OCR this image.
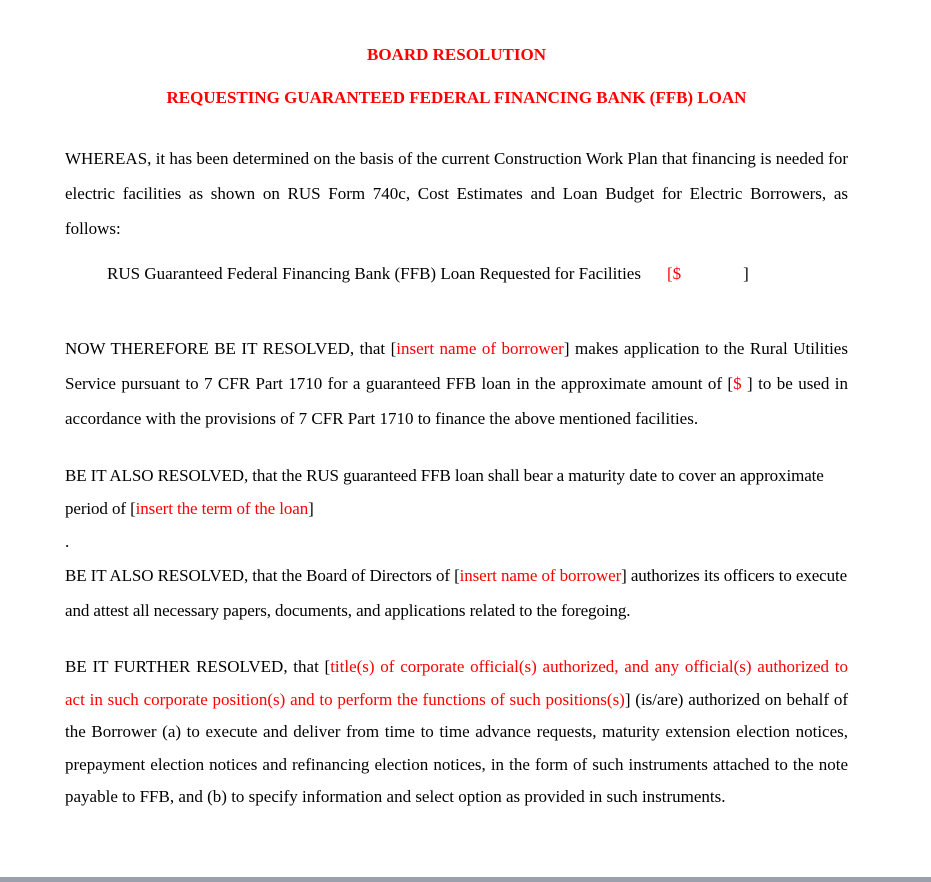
BOARD RESOLUTION
REQUESTING GUARANTEED FEDERAL FINANCING BANK (FFB) LOAN

WHEREAS, it has been determined on the basis of the current Construction Work Plan that financing is needed for electric facilities as shown on RUS Form 740c, Cost Estimates and Loan Budget for Electric Borrowers, as follows:

RUS Guaranteed Federal Financing Bank (FFB) Loan Requested for Facilities [$	]

NOW THEREFORE BE IT RESOLVED, that [insert name of borrower] makes application to the Rural Utilities Service pursuant to 7 CFR Part 1710 for a guaranteed FFB loan in the approximate amount of [$ ] to be used in accordance with the provisions of 7 CFR Part 1710 to finance the above mentioned facilities.

BE IT ALSO RESOLVED, that the RUS guaranteed FFB loan shall bear a maturity date to cover an approximate period of [insert the term of the loan]

.

BE IT ALSO RESOLVED, that the Board of Directors of [insert name of borrower] authorizes its officers to execute and attest all necessary papers, documents, and applications related to the foregoing.

BE IT FURTHER RESOLVED, that [title(s) of corporate official(s) authorized, and any official(s) authorized to act in such corporate position(s) and to perform the functions of such positions(s)] (is/are) authorized on behalf of the Borrower (a) to execute and deliver from time to time advance requests, maturity extension election notices, prepayment election notices and refinancing election notices, in the form of such instruments attached to the note payable to FFB, and (b) to specify information and select option as provided in such instruments.
